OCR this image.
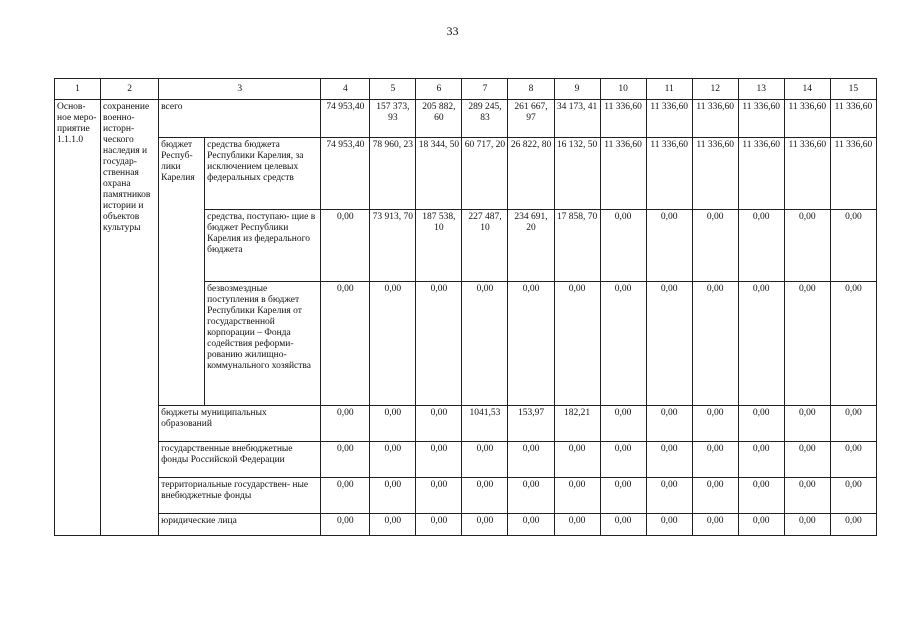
33
1	2	3		4	5	6	7	8	9	10	11	12	13	14	15
Основ- ное меро- приятие 1.1.1.0	сохранение военно- исторн- ческого наследия и государ- ственная охрана памятников истории и объектов культуры	всего		74 953,40	157 373, 93	205 882, 60	289 245, 83	261 667, 97	34 173, 41	11 336,60	11 336,60	11 336,60	11 336,60	11 336,60	11 336,60
		бюджет Респуб- лики Карелия	средства бюджета Республики Карелия, за исключением целевых федеральных средств	74 953,40	78 960, 23	18 344, 50	60 717, 20	26 822, 80	16 132, 50	11 336,60	11 336,60	11 336,60	11 336,60	11 336,60	11 336,60
			средства, поступаю- щие в бюджет Республики Карелия из федерального бюджета	0,00	73 913, 70	187 538, 10	227 487, 10	234 691, 20	17 858, 70	0,00	0,00	0,00	0,00	0,00	0,00
			безвозмездные поступления в бюджет Республики Карелия от государственной корпорации – Фонда содействия реформи- рованию жилищно- коммунального хозяйства	0,00	0,00	0,00	0,00	0,00	0,00	0,00	0,00	0,00	0,00	0,00	0,00
		бюджеты муниципальных образований		0,00	0,00	0,00	1041,53	153,97	182,21	0,00	0,00	0,00	0,00	0,00	0,00
		государственные внебюджетные фонды Российской Федерации		0,00	0,00	0,00	0,00	0,00	0,00	0,00	0,00	0,00	0,00	0,00	0,00
		территориальные государствен- ные внебюджетные фонды		0,00	0,00	0,00	0,00	0,00	0,00	0,00	0,00	0,00	0,00	0,00	0,00
		юридические лица		0,00	0,00	0,00	0,00	0,00	0,00	0,00	0,00	0,00	0,00	0,00	0,00
